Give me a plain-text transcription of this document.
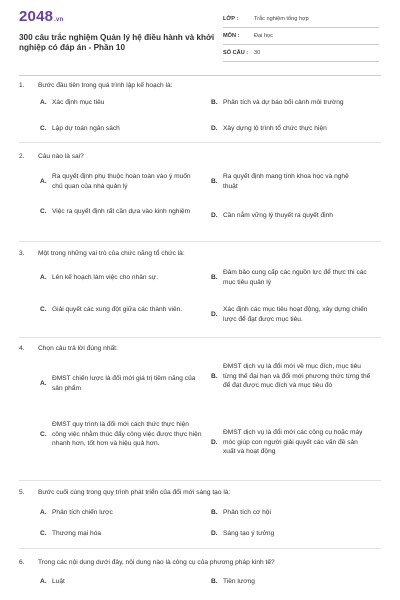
2048.vn
300 câu trắc nghiệm Quản lý hệ điều hành và khởi nghiệp có đáp án - Phần 10
LỚP :	Trắc nghiệm tổng hợp
MÔN :	Đại học
SỐ CÂU :	30
1.	Bước đầu tiên trong quá trình lập kế hoạch là:
A. Xác định mục tiêu	B. Phân tích và dự báo bối cảnh môi trường
C. Lập dự toán ngân sách	D. Xây dựng lộ trình tổ chức thực hiện
2.	Câu nào là sai?
A.
Ra quyết định phụ thuộc hoàn toàn vào ý muốn chủ quan của nhà quản lý
B.
Ra quyết định mang tính khoa học và nghệ thuật
C. Việc ra quyết định rất cần dựa vào kinh nghiệm
D. Cần nắm vững lý thuyết ra quyết định
3.	Một trong những vai trò của chức năng tổ chức là:
A. Lên kế hoạch làm việc cho nhân sự.	B.
Đảm bảo cung cấp các nguồn lực để thực thi các mục tiêu quản lý
C. Giải quyết các xung đột giữa các thành viên.
D.
Xác định các mục tiêu hoạt động, xây dựng chiến lược để đạt được mục tiêu.
4.	Chọn câu trả lời đúng nhất:
A.
ĐMST chiến lược là đổi mới giá trị tiềm năng của sản phẩm
B.
ĐMST dịch vụ là đổi mới về mục đích, mục tiêu từng thế đại hạn và đổi mới phương thức từng thế để đạt được mục đích và mục tiêu đó
C.
ĐMST quy trình là đổi mới cách thức thực hiện công việc nhằm thúc đẩy công việc được thực hiện nhanh hơn, tốt hơn và hiệu quả hơn.	D.
ĐMST dịch vụ là đổi mới các công cụ hoặc máy móc giúp con người giải quyết các vấn đề sản xuất và hoạt động
5.	Bước cuối cùng trong quy trình phát triển của đổi mới sáng tạo là:
A. Phân tích chiến lược	B. Phân tích cơ hội
C. Thương mại hóa	D. Sáng tạo ý tưởng
6.	Trong các nội dung dưới đây, nội dung nào là công cụ của phương pháp kinh tế?
A. Luật	B. Tiền lương
